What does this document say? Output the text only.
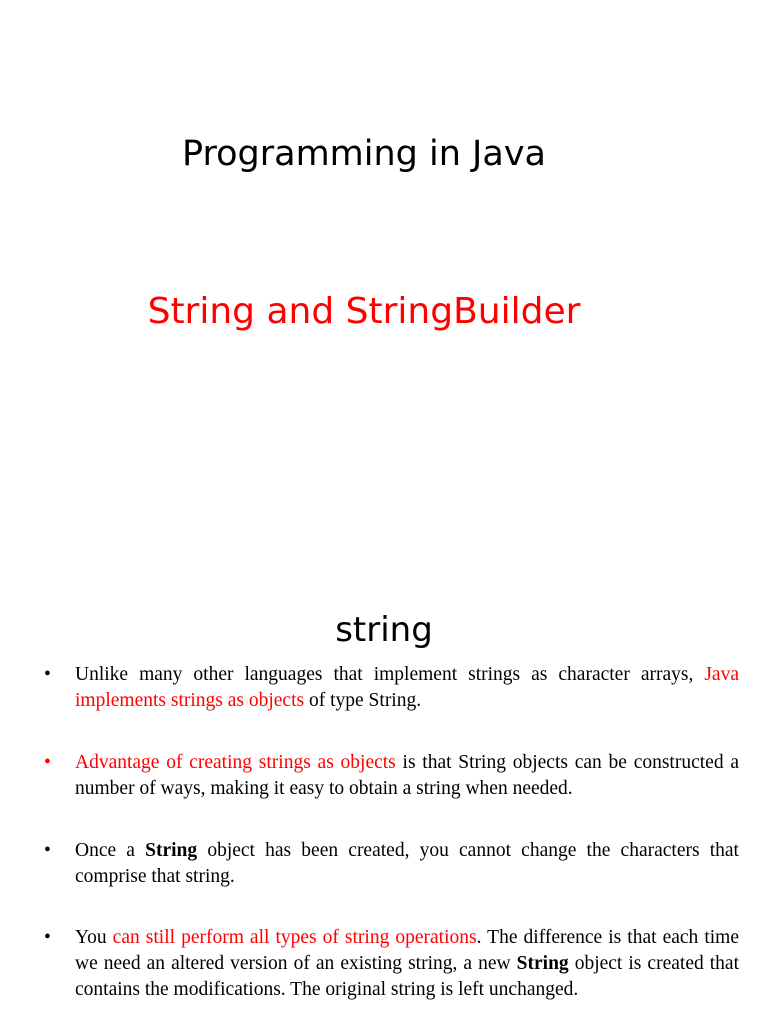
Programming in Java
String and StringBuilder
string
• Unlike many other languages that implement strings as character arrays, Java implements strings as objects of type String.
• Advantage of creating strings as objects is that String objects can be constructed a number of ways, making it easy to obtain a string when needed.
• Once a String object has been created, you cannot change the characters that comprise that string.
• You can still perform all types of string operations. The difference is that each time we need an altered version of an existing string, a new String object is created that contains the modifications. The original string is left unchanged.
